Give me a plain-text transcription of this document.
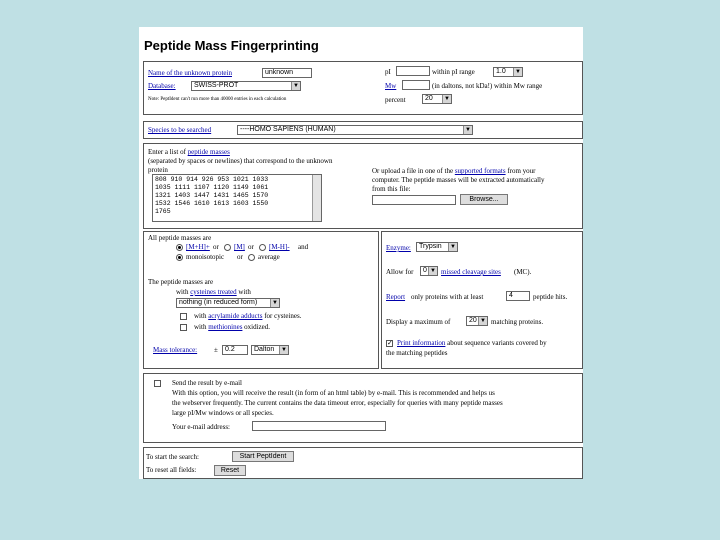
Peptide Mass Fingerprinting
Name of the unknown protein	unknown
Database:	SWISS-PROT	▼
Note: PeptIdent can't run more than 40000 entries in each calculation
pI	within pI range	1.0	▼
Mw	(in daltons, not kDa!) within Mw range
percent	20	▼
Species to be searched	----HOMO SAPIENS (HUMAN)	▼
Enter a list of peptide masses
(separated by spaces or newlines) that correspond to the unknown protein
808 910 914 926 953 1021 1033
1035 1111 1107 1120 1149 1061
1321 1403 1447 1431 1465 1570
1532 1546 1610 1613 1603 1550
1765
Or upload a file in one of the supported formats from your
computer. The peptide masses will be extracted automatically
from this file:
Browse...
All peptide masses are
[M+H]+ or [M] or [M-H]- and
monoisotopic or average
The peptide masses are
with cysteines treated with
nothing (in reduced form)	▼
with acrylamide adducts for cysteines.
with methionines oxidized.
Mass tolerance: ±	0.2	Dalton	▼
Enzyme:	Trypsin	▼
Allow for	0 ▼ missed cleavage sites (MC).
Report only proteins with at least	4	peptide hits.
Display a maximum of	20 ▼ matching proteins.
✓
Print information about sequence variants covered by
the matching peptides
Send the result by e-mail
With this option, you will receive the result (in form of an html table) by e-mail. This is recommended and helps us
the webserver frequently. The current contains the data timeout error, especially for queries with many peptide masses
large pI/Mw windows or all species.
Your e-mail address:
To start the search:	Start PeptIdent
To reset all fields:	Reset
